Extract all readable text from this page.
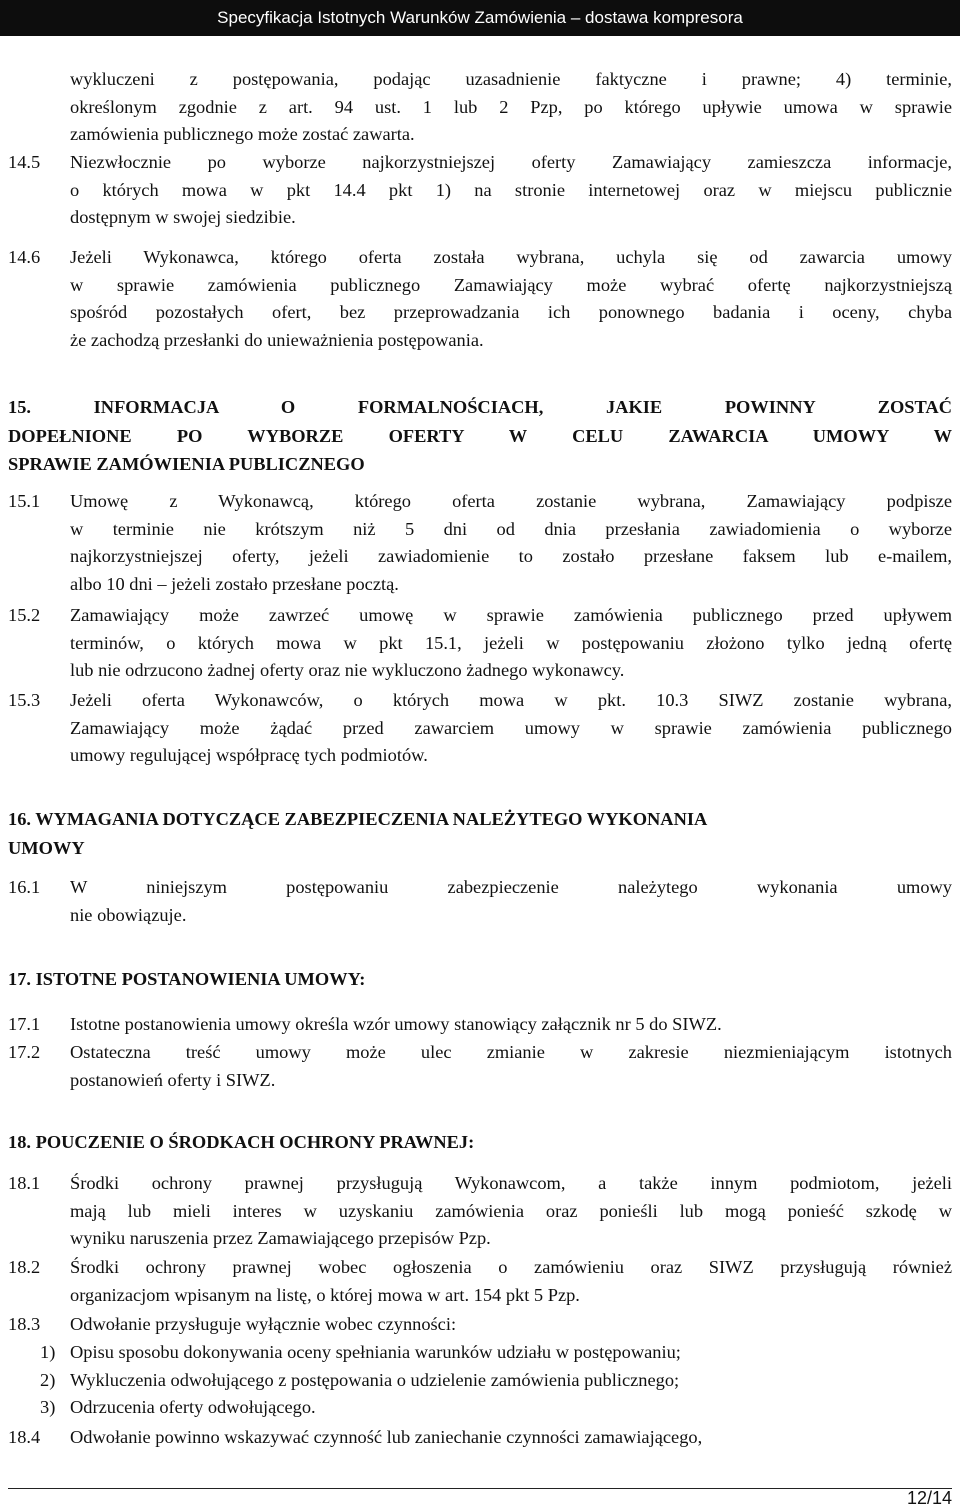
Specyfikacja Istotnych Warunków Zamówienia – dostawa kompresora
wykluczeni z postępowania, podając uzasadnienie faktyczne i prawne; 4) terminie,
określonym zgodnie z art. 94 ust. 1 lub 2 Pzp, po którego upływie umowa w sprawie
zamówienia publicznego może zostać zawarta.
14.5 Niezwłocznie po wyborze najkorzystniejszej oferty Zamawiający zamieszcza informacje,
o których mowa w pkt 14.4 pkt 1) na stronie internetowej oraz w miejscu publicznie
dostępnym w swojej siedzibie.
14.6 Jeżeli Wykonawca, którego oferta została wybrana, uchyla się od zawarcia umowy
w sprawie zamówienia publicznego Zamawiający może wybrać ofertę najkorzystniejszą
spośród pozostałych ofert, bez przeprowadzania ich ponownego badania i oceny, chyba
że zachodzą przesłanki do unieważnienia postępowania.
15. INFORMACJA O FORMALNOŚCIACH, JAKIE POWINNY ZOSTAĆ
DOPEŁNIONE PO WYBORZE OFERTY W CELU ZAWARCIA UMOWY W
SPRAWIE ZAMÓWIENIA PUBLICZNEGO
15.1 Umowę z Wykonawcą, którego oferta zostanie wybrana, Zamawiający podpisze
w terminie nie krótszym niż 5 dni od dnia przesłania zawiadomienia o wyborze
najkorzystniejszej oferty, jeżeli zawiadomienie to zostało przesłane faksem lub e-mailem,
albo 10 dni – jeżeli zostało przesłane pocztą.
15.2 Zamawiający może zawrzeć umowę w sprawie zamówienia publicznego przed upływem
terminów, o których mowa w pkt 15.1, jeżeli w postępowaniu złożono tylko jedną ofertę
lub nie odrzucono żadnej oferty oraz nie wykluczono żadnego wykonawcy.
15.3 Jeżeli oferta Wykonawców, o których mowa w pkt. 10.3 SIWZ zostanie wybrana,
Zamawiający może żądać przed zawarciem umowy w sprawie zamówienia publicznego
umowy regulującej współpracę tych podmiotów.
16. WYMAGANIA DOTYCZĄCE ZABEZPIECZENIA NALEŻYTEGO WYKONANIA
UMOWY
16.1 W niniejszym postępowaniu zabezpieczenie należytego wykonania umowy
nie obowiązuje.
17. ISTOTNE POSTANOWIENIA UMOWY:
17.1 Istotne postanowienia umowy określa wzór umowy stanowiący załącznik nr 5 do SIWZ.
17.2 Ostateczna treść umowy może ulec zmianie w zakresie niezmieniającym istotnych
postanowień oferty i SIWZ.
18. POUCZENIE O ŚRODKACH OCHRONY PRAWNEJ:
18.1 Środki ochrony prawnej przysługują Wykonawcom, a także innym podmiotom, jeżeli
mają lub mieli interes w uzyskaniu zamówienia oraz ponieśli lub mogą ponieść szkodę w
wyniku naruszenia przez Zamawiającego przepisów Pzp.
18.2 Środki ochrony prawnej wobec ogłoszenia o zamówieniu oraz SIWZ przysługują również
organizacjom wpisanym na listę, o której mowa w art. 154 pkt 5 Pzp.
18.3 Odwołanie przysługuje wyłącznie wobec czynności:
1) Opisu sposobu dokonywania oceny spełniania warunków udziału w postępowaniu;
2) Wykluczenia odwołującego z postępowania o udzielenie zamówienia publicznego;
3) Odrzucenia oferty odwołującego.
18.4 Odwołanie powinno wskazywać czynność lub zaniechanie czynności zamawiającego,
12/14
